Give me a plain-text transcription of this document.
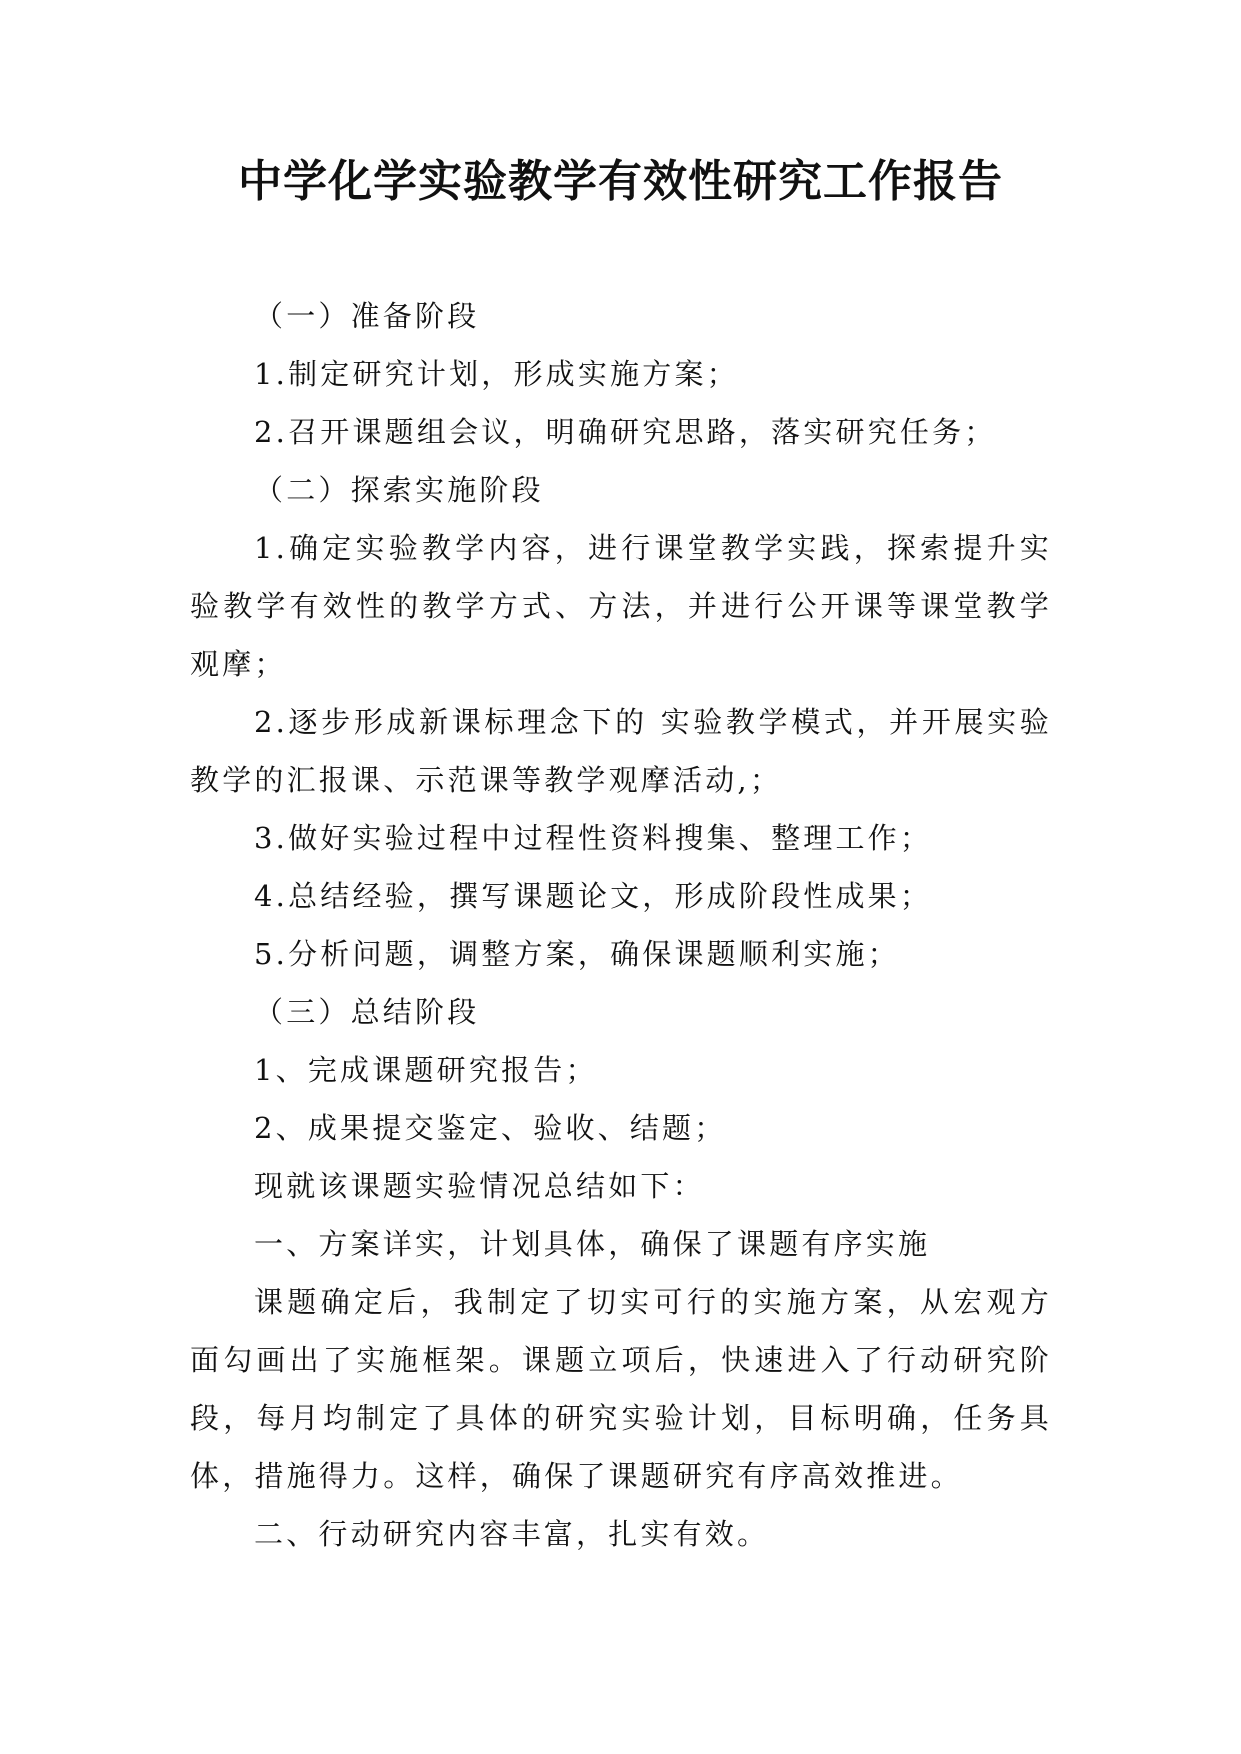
中学化学实验教学有效性研究工作报告

（一）准备阶段

1.制定研究计划，形成实施方案；

2.召开课题组会议，明确研究思路，落实研究任务；

（二）探索实施阶段

1.确定实验教学内容，进行课堂教学实践，探索提升实验教学有效性的教学方式、方法，并进行公开课等课堂教学观摩；

2.逐步形成新课标理念下的 实验教学模式，并开展实验教学的汇报课、示范课等教学观摩活动,；

3.做好实验过程中过程性资料搜集、整理工作；

4.总结经验，撰写课题论文，形成阶段性成果；

5.分析问题，调整方案，确保课题顺利实施；

（三）总结阶段

1、完成课题研究报告；

2、成果提交鉴定、验收、结题；

现就该课题实验情况总结如下：

一、方案详实，计划具体，确保了课题有序实施

课题确定后，我制定了切实可行的实施方案，从宏观方面勾画出了实施框架。课题立项后，快速进入了行动研究阶段，每月均制定了具体的研究实验计划，目标明确，任务具体，措施得力。这样，确保了课题研究有序高效推进。

二、行动研究内容丰富，扎实有效。
